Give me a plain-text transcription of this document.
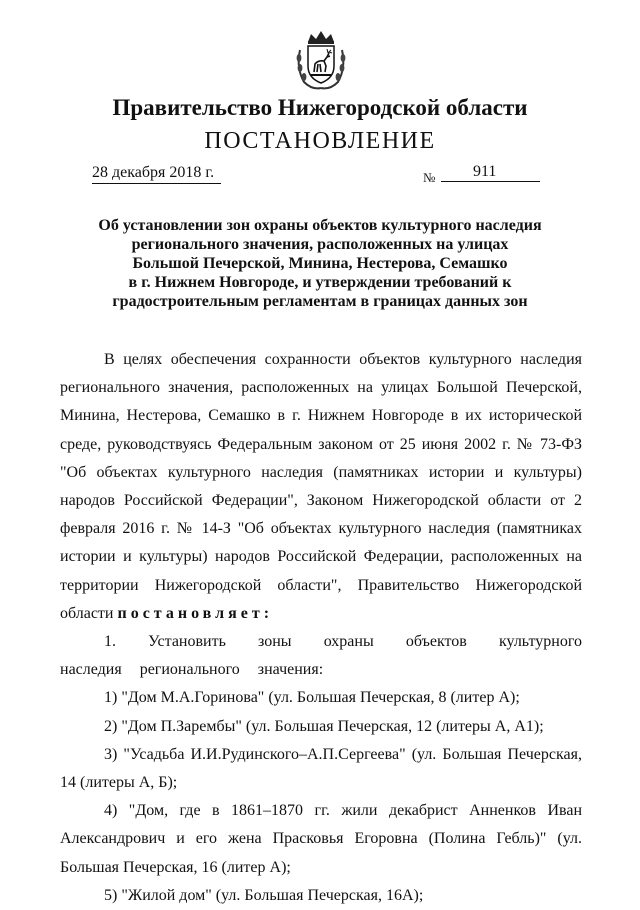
Правительство Нижегородской области
ПОСТАНОВЛЕНИЕ
28 декабря 2018 г.	№ 911
Об установлении зон охраны объектов культурного наследия
регионального значения, расположенных на улицах
Большой Печерской, Минина, Нестерова, Семашко
в г. Нижнем Новгороде, и утверждении требований к
градостроительным регламентам в границах данных зон

В целях обеспечения сохранности объектов культурного наследия регионального значения, расположенных на улицах Большой Печерской, Минина, Нестерова, Семашко в г. Нижнем Новгороде в их исторической среде, руководствуясь Федеральным законом от 25 июня 2002 г. № 73-ФЗ "Об объектах культурного наследия (памятниках истории и культуры) народов Российской Федерации", Законом Нижегородской области от 2 февраля 2016 г. № 14-З "Об объектах культурного наследия (памятниках истории и культуры) народов Российской Федерации, расположенных на территории Нижегородской области", Правительство Нижегородской области постановляет:

1. Установить зоны охраны объектов культурного наследия регионального значения:

1) "Дом М.А.Горинова" (ул. Большая Печерская, 8 (литер А);

2) "Дом П.Зарембы" (ул. Большая Печерская, 12 (литеры А, А1);

3) "Усадьба И.И.Рудинского–А.П.Сергеева" (ул. Большая Печерская, 14 (литеры А, Б);

4) "Дом, где в 1861–1870 гг. жили декабрист Анненков Иван Александрович и его жена Прасковья Егоровна (Полина Гебль)" (ул. Большая Печерская, 16 (литер А);

5) "Жилой дом" (ул. Большая Печерская, 16А);
